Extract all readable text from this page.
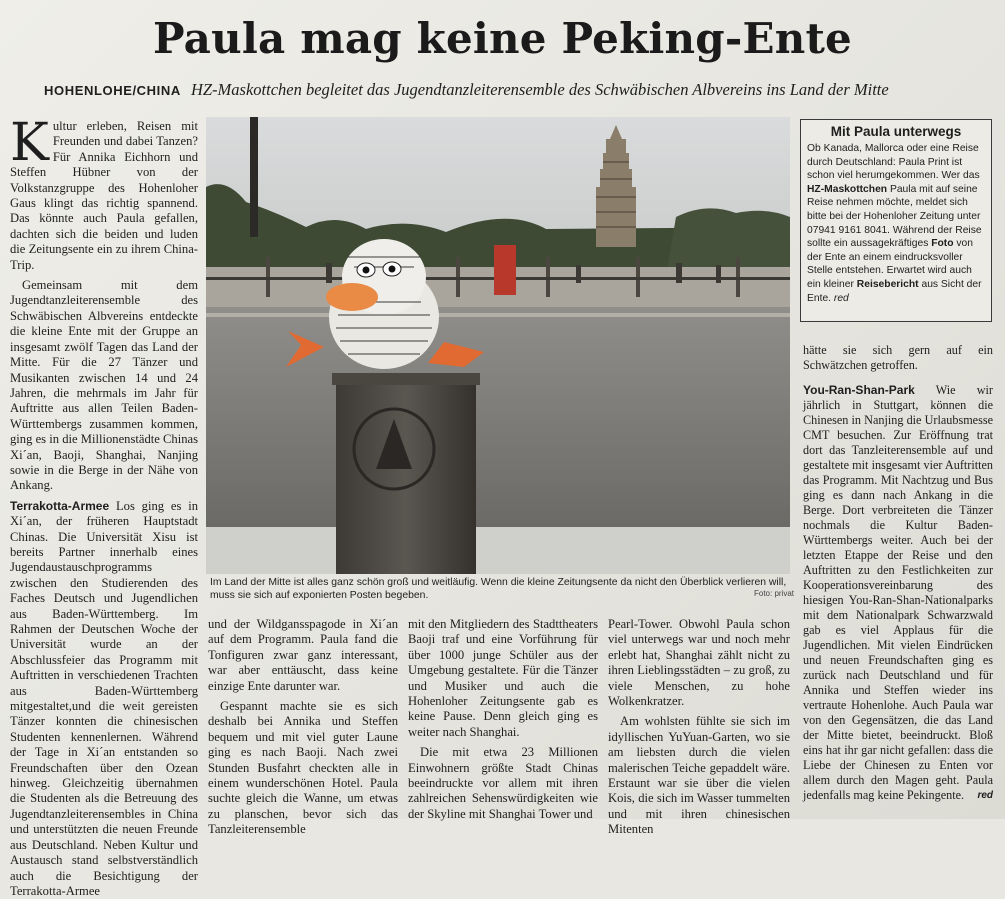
Paula mag keine Peking-Ente
HOHENLOHE/CHINA HZ-Maskottchen begleitet das Jugendtanzleiterensemble des Schwäbischen Albvereins ins Land der Mitte

Kultur erleben, Reisen mit Freunden und dabei Tanzen? Für Annika Eichhorn und Steffen Hübner von der Volkstanzgruppe des Hohenloher Gaus klingt das richtig spannend. Das könnte auch Paula gefallen, dachten sich die beiden und luden die Zeitungsente ein zu ihrem China-Trip.

Gemeinsam mit dem Jugendtanzleiterensemble des Schwäbischen Albvereins entdeckte die kleine Ente mit der Gruppe an insgesamt zwölf Tagen das Land der Mitte. Für die 27 Tänzer und Musikanten zwischen 14 und 24 Jahren, die mehrmals im Jahr für Auftritte aus allen Teilen Baden-Württembergs zusammen kommen, ging es in die Millionenstädte Chinas Xi´an, Baoji, Shanghai, Nanjing sowie in die Berge in der Nähe von Ankang.

Terrakotta-Armee Los ging es in Xi´an, der früheren Hauptstadt Chinas. Die Universität Xisu ist bereits Partner innerhalb eines Jugendaustauschprogramms zwischen den Studierenden des Faches Deutsch und Jugendlichen aus Baden-Württemberg. Im Rahmen der Deutschen Woche der Universität wurde an der Abschlussfeier das Programm mit Auftritten in verschiedenen Trachten aus Baden-Württemberg mitgestaltet,und die weit gereisten Tänzer konnten die chinesischen Studenten kennenlernen. Während der Tage in Xi´an entstanden so Freundschaften über den Ozean hinweg. Gleichzeitig übernahmen die Studenten als die Betreuung des Jugendtanzleiterensembles in China und unterstützten die neuen Freunde aus Deutschland. Neben Kultur und Austausch stand selbstverständlich auch die Besichtigung der Terrakotta-Armee

Im Land der Mitte ist alles ganz schön groß und weitläufig. Wenn die kleine Zeitungsente da nicht den Überblick verlieren will, muss sie sich auf exponierten Posten begeben.	Foto: privat
Mit Paula unterwegs
Ob Kanada, Mallorca oder eine Reise durch Deutschland: Paula Print ist schon viel herumgekommen. Wer das HZ-Maskottchen Paula mit auf seine Reise nehmen möchte, meldet sich bitte bei der Hohenloher Zeitung unter 07941 9161 8041. Während der Reise sollte ein aussagekräftiges Foto von der Ente an einem eindrucksvoller Stelle entstehen. Erwartet wird auch ein kleiner Reisebericht aus Sicht der Ente. red

und der Wildgansspagode in Xi´an auf dem Programm. Paula fand die Tonfiguren zwar ganz interessant, war aber enttäuscht, dass keine einzige Ente darunter war.

Gespannt machte sie es sich deshalb bei Annika und Steffen bequem und mit viel guter Laune ging es nach Baoji. Nach zwei Stunden Busfahrt checkten alle in einem wunderschönen Hotel. Paula suchte gleich die Wanne, um etwas zu planschen, bevor sich das Tanzleiterensemble

mit den Mitgliedern des Stadttheaters Baoji traf und eine Vorführung für über 1000 junge Schüler aus der Umgebung gestaltete. Für die Tänzer und Musiker und auch die Hohenloher Zeitungsente gab es keine Pause. Denn gleich ging es weiter nach Shanghai.

Die mit etwa 23 Millionen Einwohnern größte Stadt Chinas beeindruckte vor allem mit ihren zahlreichen Sehenswürdigkeiten wie der Skyline mit Shanghai Tower und

Pearl-Tower. Obwohl Paula schon viel unterwegs war und noch mehr erlebt hat, Shanghai zählt nicht zu ihren Lieblingsstädten – zu groß, zu viele Menschen, zu hohe Wolkenkratzer.

Am wohlsten fühlte sie sich im idyllischen YuYuan-Garten, wo sie am liebsten durch die vielen malerischen Teiche gepaddelt wäre. Erstaunt war sie über die vielen Kois, die sich im Wasser tummelten und mit ihren chinesischen Mitenten

hätte sie sich gern auf ein Schwätzchen getroffen.

You-Ran-Shan-Park Wie wir jährlich in Stuttgart, können die Chinesen in Nanjing die Urlaubsmesse CMT besuchen. Zur Eröffnung trat dort das Tanzleiterensemble auf und gestaltete mit insgesamt vier Auftritten das Programm. Mit Nachtzug und Bus ging es dann nach Ankang in die Berge. Dort verbreiteten die Tänzer nochmals die Kultur Baden-Württembergs weiter. Auch bei der letzten Etappe der Reise und den Auftritten zu den Festlichkeiten zur Kooperationsvereinbarung des hiesigen You-Ran-Shan-Nationalparks mit dem Nationalpark Schwarzwald gab es viel Applaus für die Jugendlichen. Mit vielen Eindrücken und neuen Freundschaften ging es zurück nach Deutschland und für Annika und Steffen wieder ins vertraute Hohenlohe. Auch Paula war von den Gegensätzen, die das Land der Mitte bietet, beeindruckt. Bloß eins hat ihr gar nicht gefallen: dass die Liebe der Chinesen zu Enten vor allem durch den Magen geht. Paula jedenfalls mag keine Pekingente. red
